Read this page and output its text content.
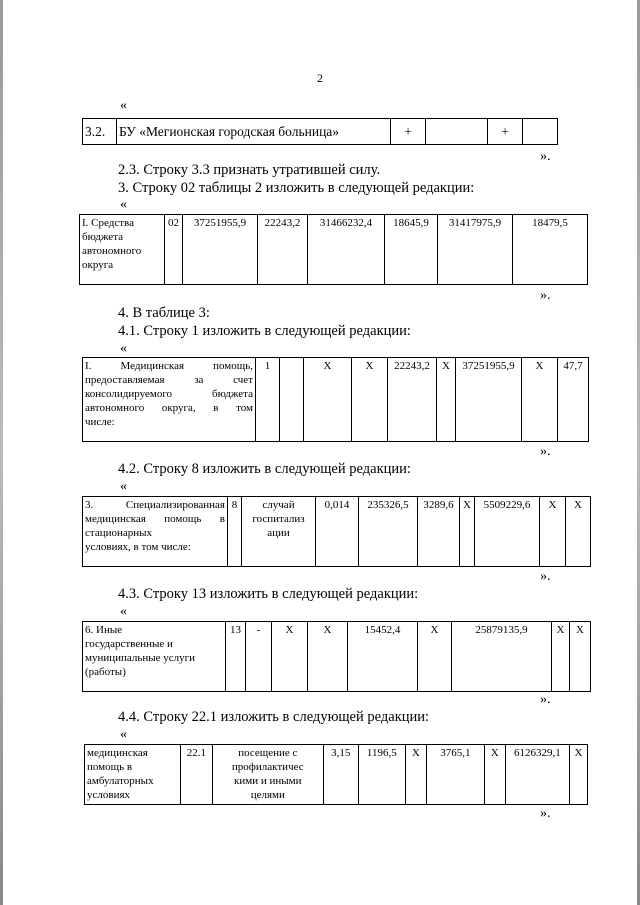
2
«
3.2.	БУ «Мегионская городская больница»	+		+	
».
2.3. Строку 3.3 признать утратившей силу.
3. Строку 02 таблицы 2 изложить в следующей редакции:
«
I. Средства
бюджета
автономного
округа
	02	37251955,9	22243,2	31466232,4	18645,9	31417975,9	18479,5
».
4. В таблице 3:
4.1. Строку 1 изложить в следующей редакции:
«
I. Медицинская помощь,
предоставляемая за счет
консолидируемого бюджета
автономного округа, в том
числе:
	1		X	X	22243,2	X	37251955,9	X	47,7
».
4.2. Строку 8 изложить в следующей редакции:
«
3. Специализированная
медицинская помощь в
стационарных
условиях, в том числе:
	8	случай
госпитализ
ации
	0,014	235326,5	3289,6	X	5509229,6	X	X
».
4.3. Строку 13 изложить в следующей редакции:
«
6. Иные
государственные и
муниципальные услуги
(работы)
	13	-	X	X	15452,4	X	25879135,9	X	X
».
4.4. Строку 22.1 изложить в следующей редакции:
«
медицинская
помощь в
амбулаторных
условиях
	22.1	посещение с
профилактичес
кими и иными
целями
	3,15	1196,5	X	3765,1	X	6126329,1	X
».
